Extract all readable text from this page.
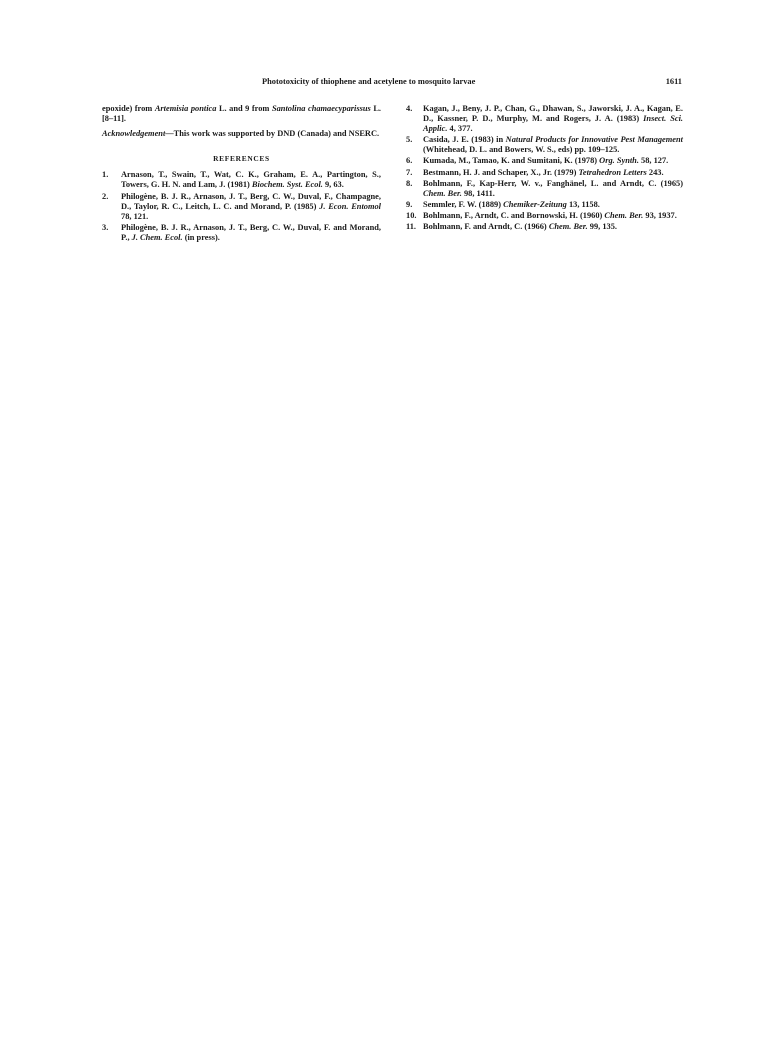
Phototoxicity of thiophene and acetylene to mosquito larvae	1611

epoxide) from Artemisia pontica L. and 9 from Santolina chamaecyparissus L. [8–11].

Acknowledgement—This work was supported by DND (Canada) and NSERC.

REFERENCES
1.	Arnason, T., Swain, T., Wat, C. K., Graham, E. A., Partington, S., Towers, G. H. N. and Lam, J. (1981) Biochem. Syst. Ecol. 9, 63.
2.	Philogène, B. J. R., Arnason, J. T., Berg, C. W., Duval, F., Champagne, D., Taylor, R. C., Leitch, L. C. and Morand, P. (1985) J. Econ. Entomol 78, 121.
3.	Philogène, B. J. R., Arnason, J. T., Berg, C. W., Duval, F. and Morand, P., J. Chem. Ecol. (in press).
4.	Kagan, J., Beny, J. P., Chan, G., Dhawan, S., Jaworski, J. A., Kagan, E. D., Kassner, P. D., Murphy, M. and Rogers, J. A. (1983) Insect. Sci. Applic. 4, 377.
5.	Casida, J. E. (1983) in Natural Products for Innovative Pest Management (Whitehead, D. L. and Bowers, W. S., eds) pp. 109–125.
6.	Kumada, M., Tamao, K. and Sumitani, K. (1978) Org. Synth. 58, 127.
7.	Bestmann, H. J. and Schaper, X., Jr. (1979) Tetrahedron Letters 243.
8.	Bohlmann, F., Kap-Herr, W. v., Fanghänel, L. and Arndt, C. (1965) Chem. Ber. 98, 1411.
9.	Semmler, F. W. (1889) Chemiker-Zeitung 13, 1158.
10. Bohlmann, F., Arndt, C. and Bornowski, H. (1960) Chem. Ber. 93, 1937.
11. Bohlmann, F. and Arndt, C. (1966) Chem. Ber. 99, 135.
